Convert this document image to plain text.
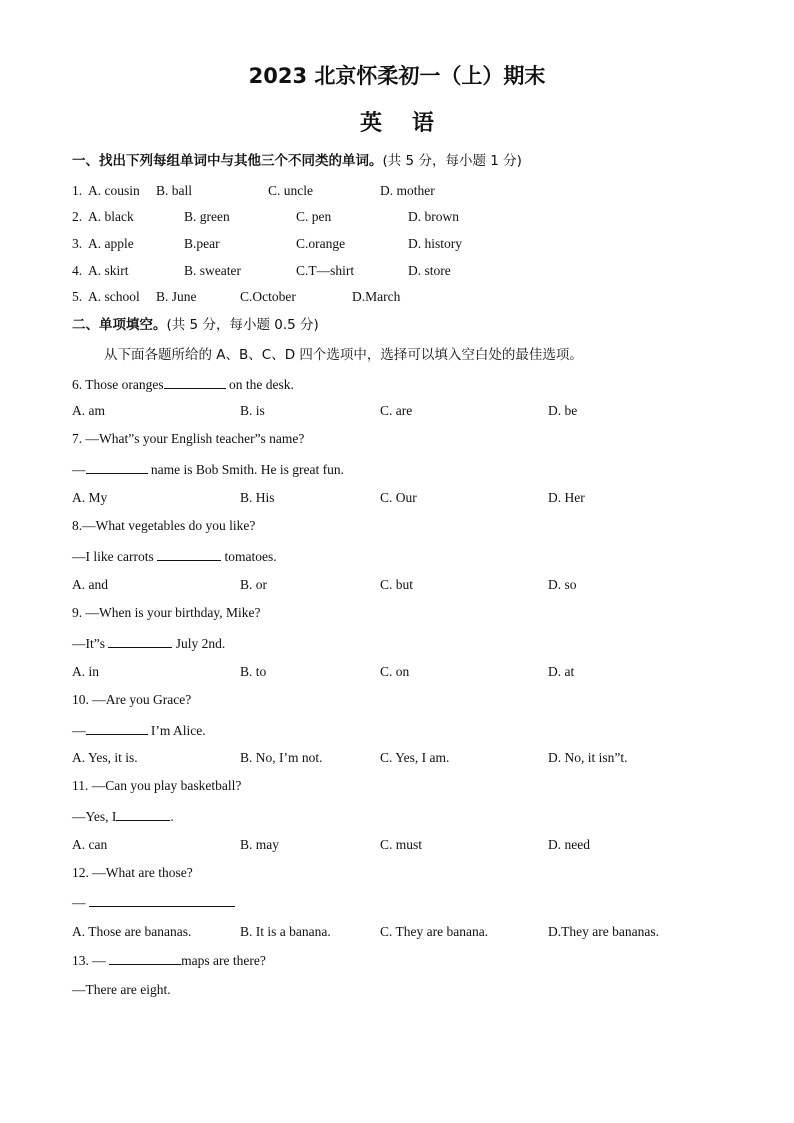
2023 北京怀柔初一（上）期末
英语
一、找出下列每组单词中与其他三个不同类的单词。(共 5 分，每小题 1 分)
1. A. cousin B. ball	C. uncle	D. mother
2. A. black	B. green	C. pen	D. brown
3. A. apple	B.pear	C.orange	D. history
4. A. skirt	B. sweater	C.T—shirt	D. store
5. A. school B. June	C.October	D.March
二、单项填空。(共 5 分，每小题 0.5 分)
从下面各题所给的 A、B、C、D 四个选项中，选择可以填入空白处的最佳选项。
6. Those oranges	on the desk.
A. am	B. is	C. are	D. be
7. —What”s your English teacher”s name?
—	name is Bob Smith. He is great fun.
A. My	B. His	C. Our	D. Her
8.—What vegetables do you like?
—I like carrots	tomatoes.
A. and	B. or	C. but	D. so
9. —When is your birthday, Mike?
—It”s	July 2nd.
A. in	B. to	C. on	D. at
10. —Are you Grace?
—	I’m Alice.
A. Yes, it is.	B. No, I’m not.	C. Yes, I am.	D. No, it isn”t.
11. —Can you play basketball?
—Yes, I	.
A. can	B. may	C. must	D. need
12. —What are those?
—
A. Those are bananas.	B. It is a banana.	C. They are banana.	D.They are bananas.
13. —	maps are there?
—There are eight.
